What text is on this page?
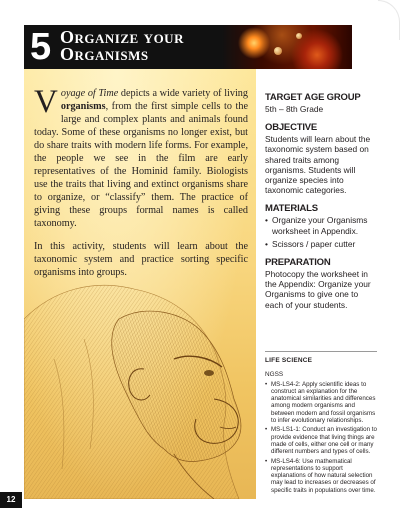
5 Organize your
Organisms

Voyage of Time depicts a wide variety of living organisms, from the first simple cells to the large and complex plants and animals found today. Some of these organisms no longer exist, but do share traits with modern life forms. For example, the people we see in the film are early representatives of the Hominid family. Biologists use the traits that living and extinct organisms share to organize, or “classify” them. The practice of giving these groups formal names is called taxonomy.

In this activity, students will learn about the taxonomic system and practice sorting specific organisms into groups.

TARGET AGE GROUP
5th – 8th Grade
OBJECTIVE
Students will learn about the taxonomic system based on shared traits among organisms. Students will organize species into taxonomic categories.
MATERIALS
• Organize your Organisms worksheet in Appendix.
• Scissors / paper cutter
PREPARATION
Photocopy the worksheet in the Appendix: Organize your Organisms to give one to each of your students.
LIFE SCIENCE
NGSS
• MS-LS4-2: Apply scientific ideas to construct an explanation for the anatomical similarities and differences among modern organisms and between modern and fossil organisms to infer evolutionary relationships.
• MS-LS1-1: Conduct an investigation to provide evidence that living things are made of cells, either one cell or many different numbers and types of cells.
• MS-LS4-6: Use mathematical representations to support explanations of how natural selection may lead to increases or decreases of specific traits in populations over time.
12
